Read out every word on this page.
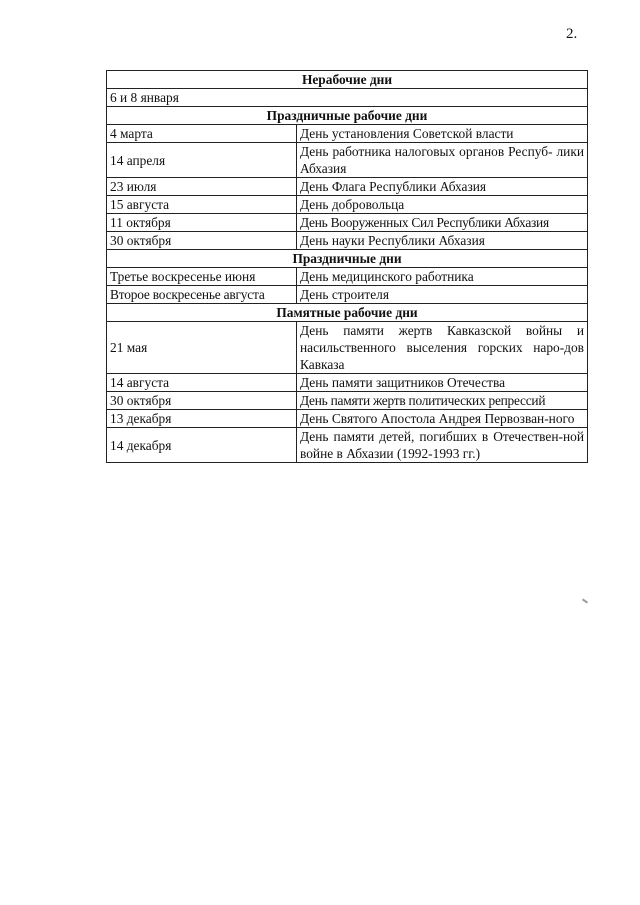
2.
Нерабочие дни	
6 и 8 января	
Праздничные рабочие дни	
4 марта	День установления Советской власти
14 апреля	День работника налоговых органов Респуб- лики Абхазия
23 июля	День Флага Республики Абхазия
15 августа	День добровольца
11 октября	День Вооруженных Сил Республики Абхазия
30 октября	День науки Республики Абхазия
Праздничные дни	
Третье воскресенье июня	День медицинского работника
Второе воскресенье августа	День строителя
Памятные рабочие дни	
21 мая	День памяти жертв Кавказской войны и насильственного выселения горских наро-дов Кавказа
14 августа	День памяти защитников Отечества
30 октября	День памяти жертв политических репрессий
13 декабря	День Святого Апостола Андрея Первозван-ного
14 декабря	День памяти детей, погибших в Отечествен-ной войне в Абхазии (1992-1993 гг.)
